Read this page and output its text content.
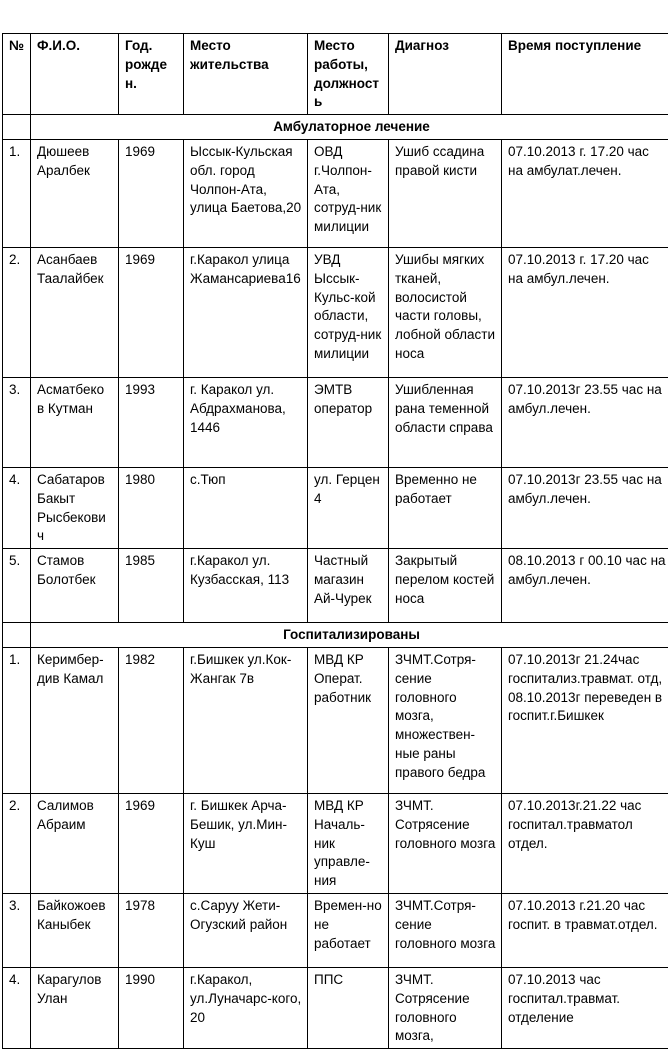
№	Ф.И.О.	Год. рожде н.	Место жительства	Место работы, должность	Диагноз	Время поступление
	Амбулаторное лечение					
1.	Дюшеев Аралбек	1969	Ыссык-Кульская обл. город Чолпон-Ата, улица Баетова,20	ОВД г.Чолпон-Ата, сотруд-ник милиции	Ушиб ссадина правой кисти	07.10.2013 г. 17.20 час на амбулат.лечен.
2.	Асанбаев Таалайбек	1969	г.Каракол улица Жамансариева16	УВД Ыссык-Кульс-кой области, сотруд-ник милиции	Ушибы мягких тканей, волосистой части головы, лобной области носа	07.10.2013 г. 17.20 час на амбул.лечен.
3.	Асматбеко в Кутман	1993	г. Каракол ул. Абдрахманова, 1446	ЭМТВ оператор	Ушибленная рана теменной области справа	07.10.2013г 23.55 час на амбул.лечен.
4.	Сабатаров Бакыт Рысбекови ч	1980	с.Тюп	ул. Герцен 4	Временно не работает	07.10.2013г 23.55 час на амбул.лечен.
5.	Стамов Болотбек	1985	г.Каракол ул. Кузбасская, 113	Частный магазин Ай-Чурек	Закрытый перелом костей носа	08.10.2013 г 00.10 час на амбул.лечен.
	Госпитализированы					
1.	Керимбер-див Камал	1982	г.Бишкек ул.Кок-Жангак 7в	МВД КР Операт. работник	ЗЧМТ.Сотря-сение головного мозга, множествен-ные раны правого бедра	07.10.2013г 21.24час госпитализ.травмат. отд, 08.10.2013г переведен в госпит.г.Бишкек
2.	Салимов Абраим	1969	г. Бишкек Арча-Бешик, ул.Мин-Куш	МВД КР Началь-ник управле-ния	ЗЧМТ. Сотрясение головного мозга	07.10.2013г.21.22 час госпитал.травматол отдел.
3.	Байкожоев Каныбек	1978	с.Сарyу Жети-Огузский район	Времен-но не работает	ЗЧМТ.Сотря-сение головного мозга	07.10.2013 г.21.20 час госпит. в травмат.отдел.
4.	Карагулов Улан	1990	г.Каракол, ул.Луначарс-кого, 20	ППС	ЗЧМТ. Сотрясение головного мозга,	07.10.2013 час госпитал.травмат. отделение
